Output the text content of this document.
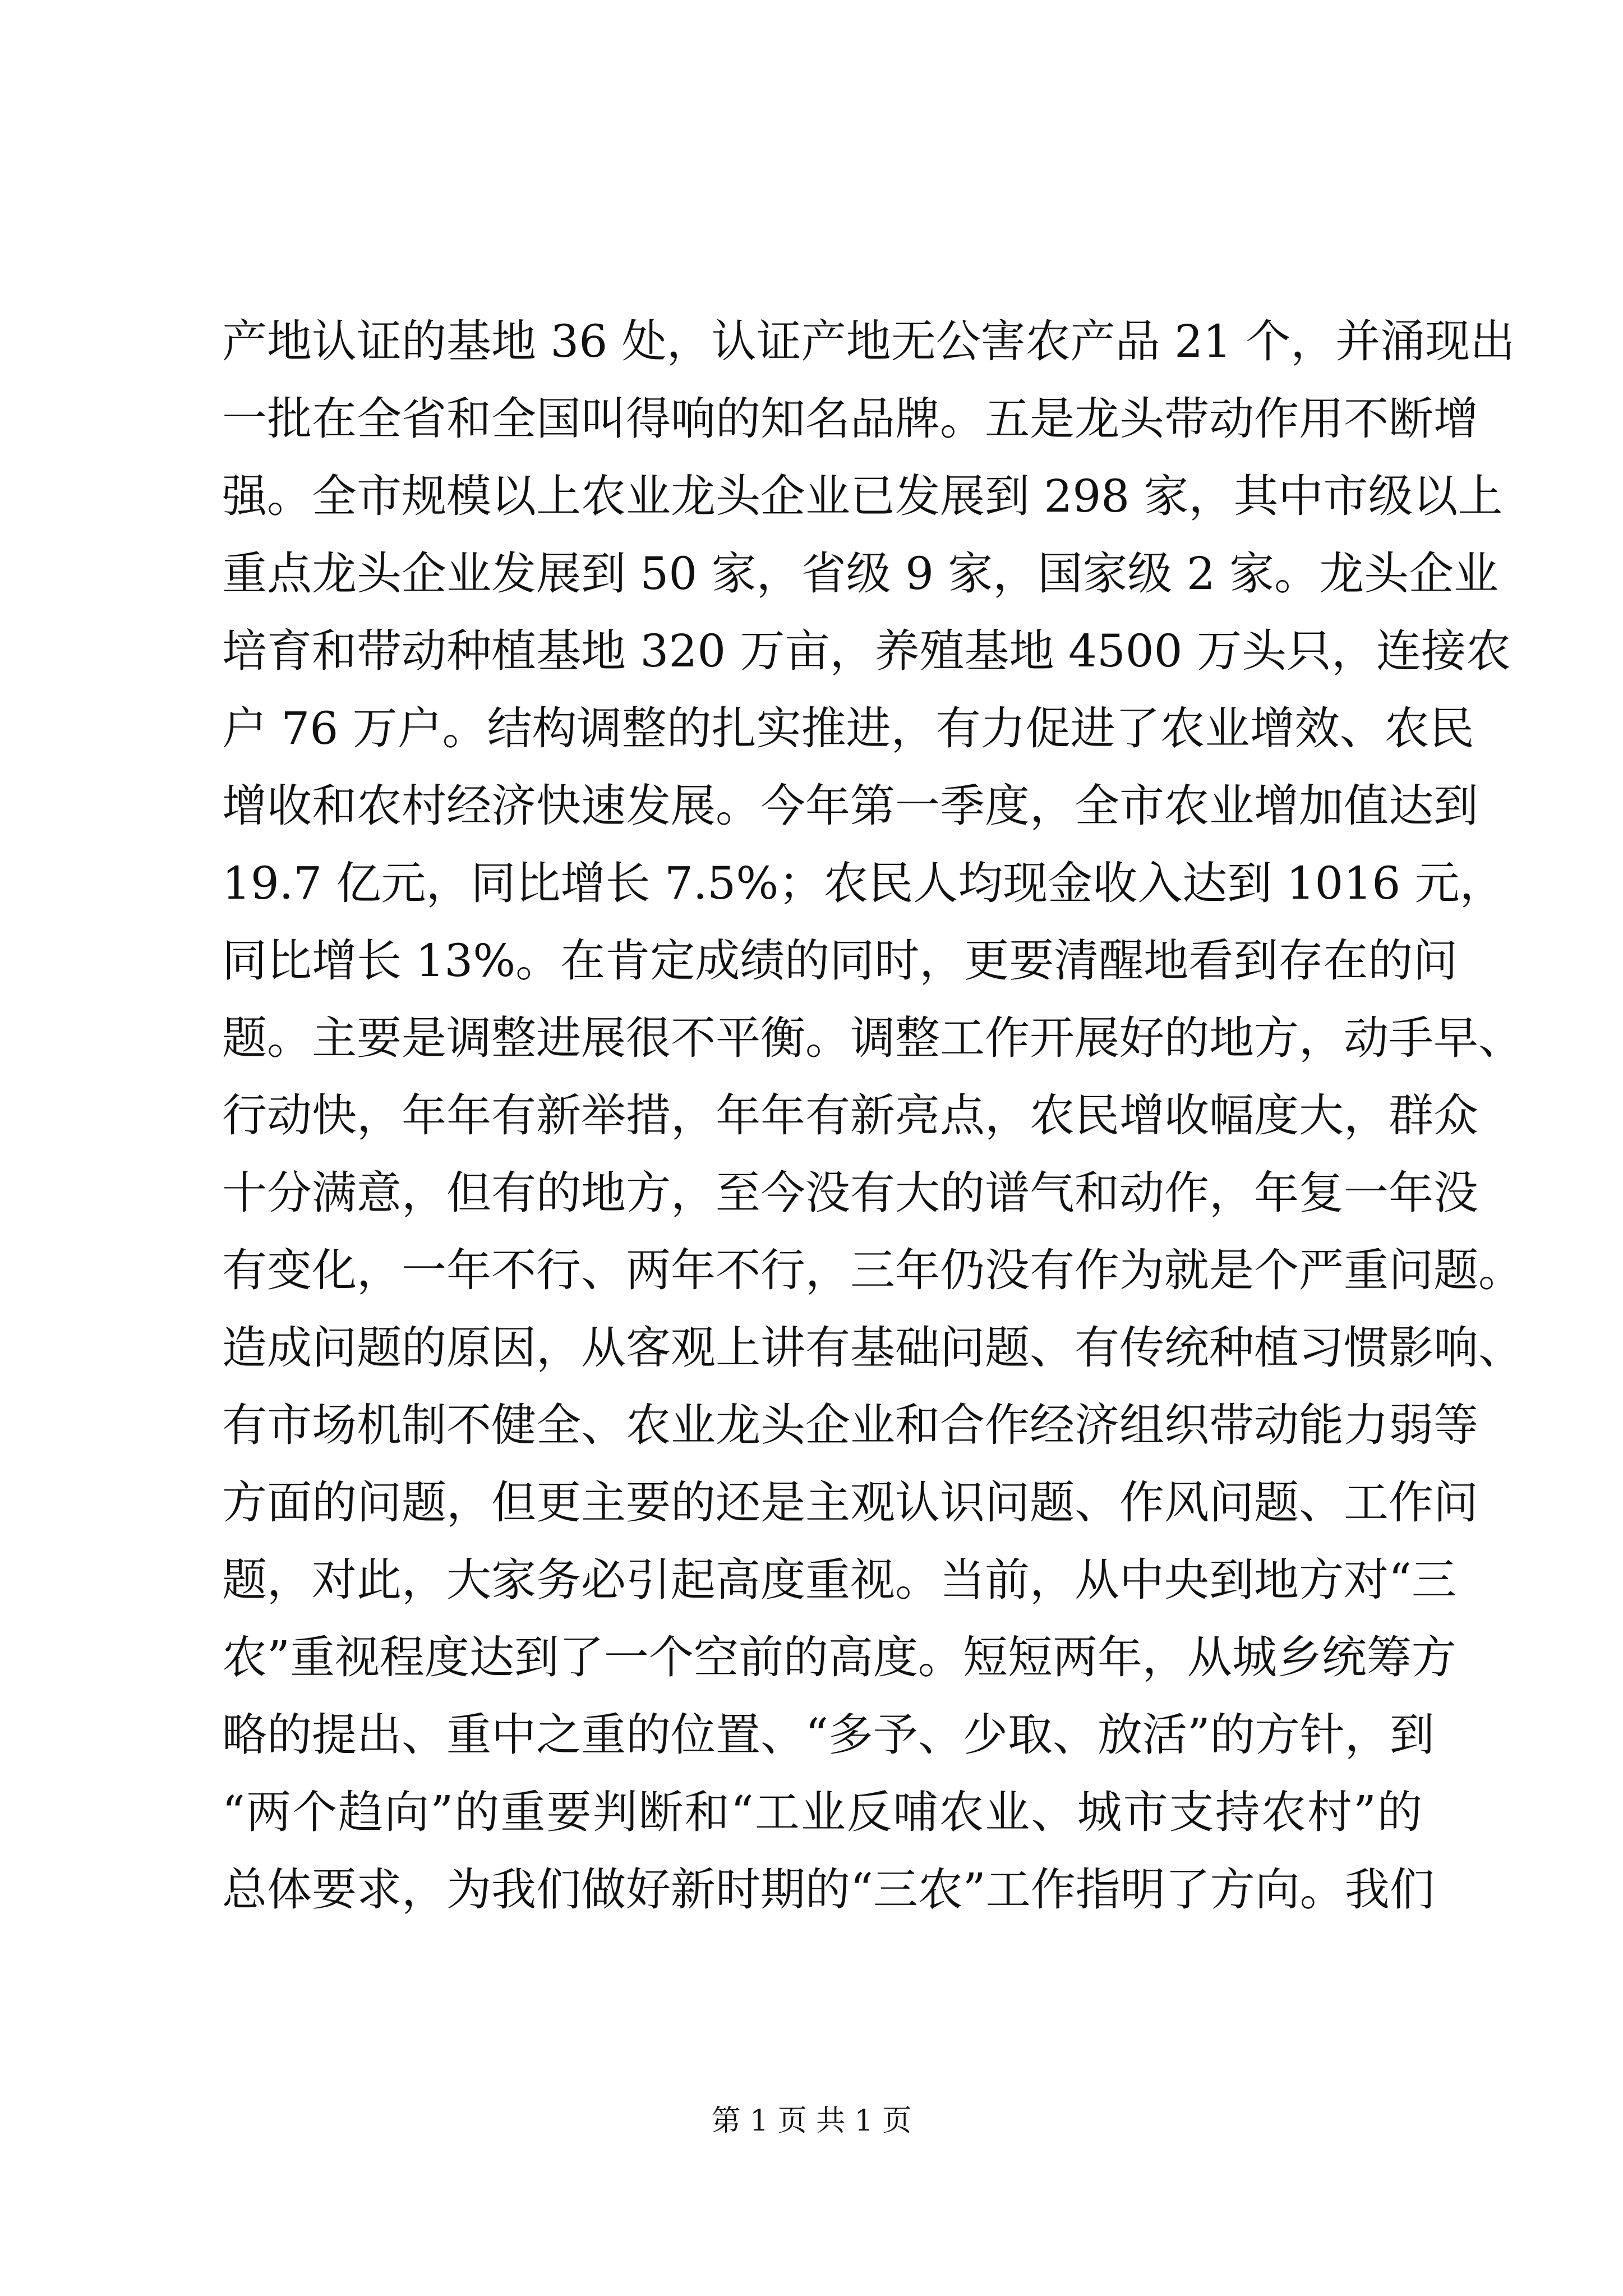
产地认证的基地 36 处，认证产地无公害农产品 21 个，并涌现出
一批在全省和全国叫得响的知名品牌。五是龙头带动作用不断增
强。全市规模以上农业龙头企业已发展到 298 家，其中市级以上
重点龙头企业发展到 50 家，省级 9 家，国家级 2 家。龙头企业
培育和带动种植基地 320 万亩，养殖基地 4500 万头只，连接农
户 76 万户。结构调整的扎实推进，有力促进了农业增效、农民
增收和农村经济快速发展。今年第一季度，全市农业增加值达到
19.7 亿元，同比增长 7.5%；农民人均现金收入达到 1016 元，
同比增长 13%。在肯定成绩的同时，更要清醒地看到存在的问
题。主要是调整进展很不平衡。调整工作开展好的地方，动手早、
行动快，年年有新举措，年年有新亮点，农民增收幅度大，群众
十分满意，但有的地方，至今没有大的谱气和动作，年复一年没
有变化，一年不行、两年不行，三年仍没有作为就是个严重问题。
造成问题的原因，从客观上讲有基础问题、有传统种植习惯影响、
有市场机制不健全、农业龙头企业和合作经济组织带动能力弱等
方面的问题，但更主要的还是主观认识问题、作风问题、工作问
题，对此，大家务必引起高度重视。当前，从中央到地方对“三
农”重视程度达到了一个空前的高度。短短两年，从城乡统筹方
略的提出、重中之重的位置、“多予、少取、放活”的方针，到
“两个趋向”的重要判断和“工业反哺农业、城市支持农村”的
总体要求，为我们做好新时期的“三农”工作指明了方向。我们
第 1 页 共 1 页
